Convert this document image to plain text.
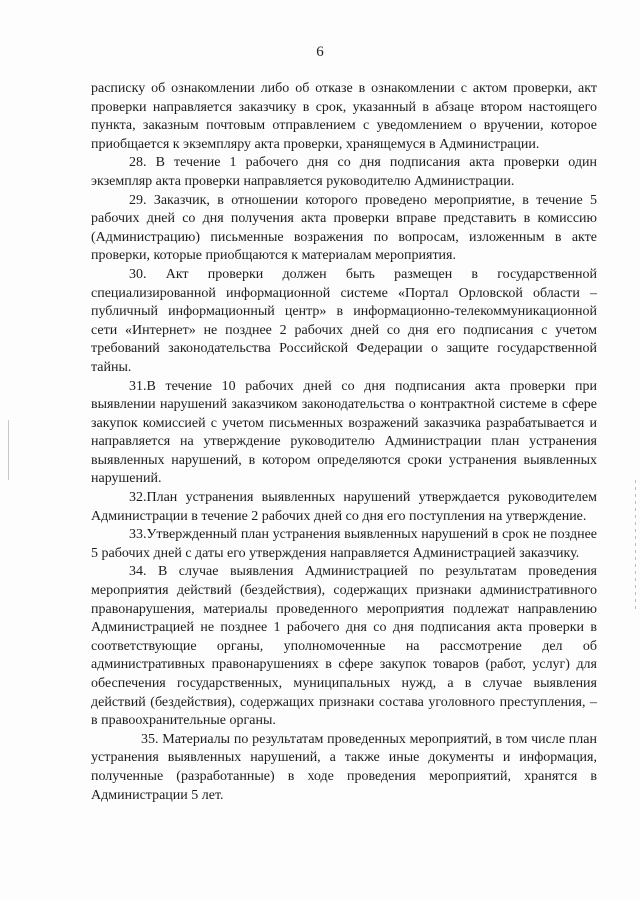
6

расписку об ознакомлении либо об отказе в ознакомлении с актом проверки, акт проверки направляется заказчику в срок, указанный в абзаце втором настоящего пункта, заказным почтовым отправлением с уведомлением о вручении, которое приобщается к экземпляру акта проверки, хранящемуся в Администрации.

28. В течение 1 рабочего дня со дня подписания акта проверки один экземпляр акта проверки направляется руководителю Администрации.

29. Заказчик, в отношении которого проведено мероприятие, в течение 5 рабочих дней со дня получения акта проверки вправе представить в комиссию (Администрацию) письменные возражения по вопросам, изложенным в акте проверки, которые приобщаются к материалам мероприятия.

30. Акт проверки должен быть размещен в государственной специализированной информационной системе «Портал Орловской области – публичный информационный центр» в информационно-телекоммуникационной сети «Интернет» не позднее 2 рабочих дней со дня его подписания с учетом требований законодательства Российской Федерации о защите государственной тайны.

31.В течение 10 рабочих дней со дня подписания акта проверки при выявлении нарушений заказчиком законодательства о контрактной системе в сфере закупок комиссией с учетом письменных возражений заказчика разрабатывается и направляется на утверждение руководителю Администрации план устранения выявленных нарушений, в котором определяются сроки устранения выявленных нарушений.

32.План устранения выявленных нарушений утверждается руководителем Администрации в течение 2 рабочих дней со дня его поступления на утверждение.

33.Утвержденный план устранения выявленных нарушений в срок не позднее 5 рабочих дней с даты его утверждения направляется Администрацией заказчику.

34. В случае выявления Администрацией по результатам проведения мероприятия действий (бездействия), содержащих признаки административного правонарушения, материалы проведенного мероприятия подлежат направлению Администрацией не позднее 1 рабочего дня со дня подписания акта проверки в соответствующие органы, уполномоченные на рассмотрение дел об административных правонарушениях в сфере закупок товаров (работ, услуг) для обеспечения государственных, муниципальных нужд, а в случае выявления действий (бездействия), содержащих признаки состава уголовного преступления, – в правоохранительные органы.

35. Материалы по результатам проведенных мероприятий, в том числе план устранения выявленных нарушений, а также иные документы и информация, полученные (разработанные) в ходе проведения мероприятий, хранятся в Администрации 5 лет.
